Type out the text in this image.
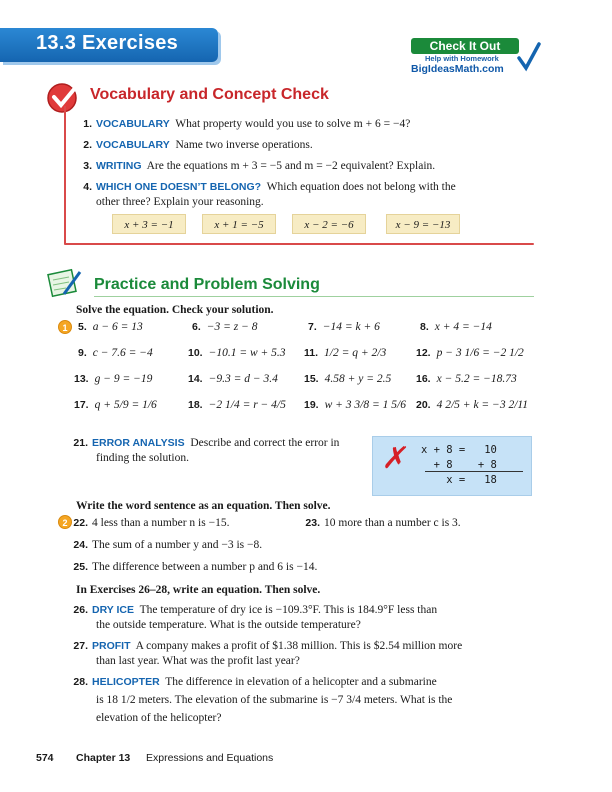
13.3 Exercises	Check It Out
Help with Homework
BigIdeasMath.com
Vocabulary and Concept Check
1. VOCABULARY What property would you use to solve m + 6 = −4?
2. VOCABULARY Name two inverse operations.
3. WRITING Are the equations m + 3 = −5 and m = −2 equivalent? Explain.
4. WHICH ONE DOESN’T BELONG? Which equation does not belong with the
other three? Explain your reasoning.
x + 3 = −1	x + 1 = −5	x − 2 = −6	x − 9 = −13
Practice and Problem Solving
Solve the equation. Check your solution.
1	5. a − 6 = 13	6. −3 = z − 8	7. −14 = k + 6	8. x + 4 = −14
9. c − 7.6 = −4	10. −10.1 = w + 5.3 11. 1/2 = q + 2/3	12. p − 3 1/6 = −2 1/2
13. g − 9 = −19	14. −9.3 = d − 3.4 15. 4.58 + y = 2.5 16. x − 5.2 = −18.73
17. q + 5/9 = 1/6	18. −2 1/4 = r − 4/5 19. w + 3 3/8 = 1 5/6 20. 4 2/5 + k = −3 2/11
21. ERROR ANALYSIS Describe and correct the error in
finding the solution.	✗ x + 8 =   10
+ 8    + 8
x =   18
Write the word sentence as an equation. Then solve.
2 22. 4 less than a number n is −15.	23. 10 more than a number c is 3.
24. The sum of a number y and −3 is −8.
25. The difference between a number p and 6 is −14.
In Exercises 26–28, write an equation. Then solve.
26. DRY ICE The temperature of dry ice is −109.3°F. This is 184.9°F less than
the outside temperature. What is the outside temperature?
27. PROFIT A company makes a profit of $1.38 million. This is $2.54 million more
than last year. What was the profit last year?
28. HELICOPTER The difference in elevation of a helicopter and a submarine
is 18 1/2 meters. The elevation of the submarine is −7 3/4 meters. What is the
elevation of the helicopter?
574 Chapter 13 Expressions and Equations
